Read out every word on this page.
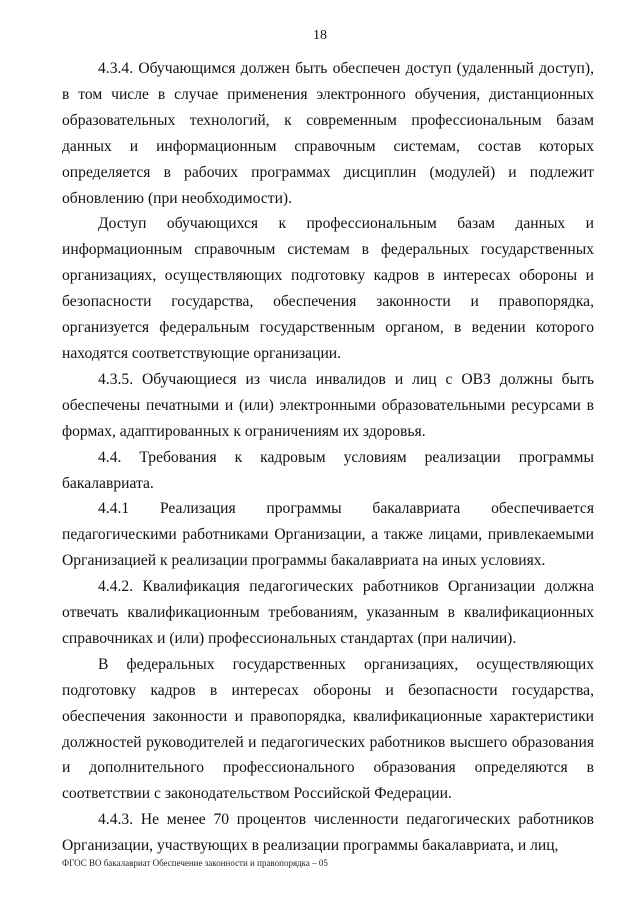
18

4.3.4. Обучающимся должен быть обеспечен доступ (удаленный доступ), в том числе в случае применения электронного обучения, дистанционных образовательных технологий, к современным профессиональным базам данных и информационным справочным системам, состав которых определяется в рабочих программах дисциплин (модулей) и подлежит обновлению (при необходимости).

Доступ обучающихся к профессиональным базам данных и информационным справочным системам в федеральных государственных организациях, осуществляющих подготовку кадров в интересах обороны и безопасности государства, обеспечения законности и правопорядка, организуется федеральным государственным органом, в ведении которого находятся соответствующие организации.

4.3.5. Обучающиеся из числа инвалидов и лиц с ОВЗ должны быть обеспечены печатными и (или) электронными образовательными ресурсами в формах, адаптированных к ограничениям их здоровья.

4.4. Требования к кадровым условиям реализации программы бакалавриата.

4.4.1 Реализация программы бакалавриата обеспечивается педагогическими работниками Организации, а также лицами, привлекаемыми Организацией к реализации программы бакалавриата на иных условиях.

4.4.2. Квалификация педагогических работников Организации должна отвечать квалификационным требованиям, указанным в квалификационных справочниках и (или) профессиональных стандартах (при наличии).

В федеральных государственных организациях, осуществляющих подготовку кадров в интересах обороны и безопасности государства, обеспечения законности и правопорядка, квалификационные характеристики должностей руководителей и педагогических работников высшего образования и дополнительного профессионального образования определяются в соответствии с законодательством Российской Федерации.

4.4.3. Не менее 70 процентов численности педагогических работников Организации, участвующих в реализации программы бакалавриата, и лиц,

ФГОС ВО бакалавриат Обеспечение законности и правопорядка – 05
